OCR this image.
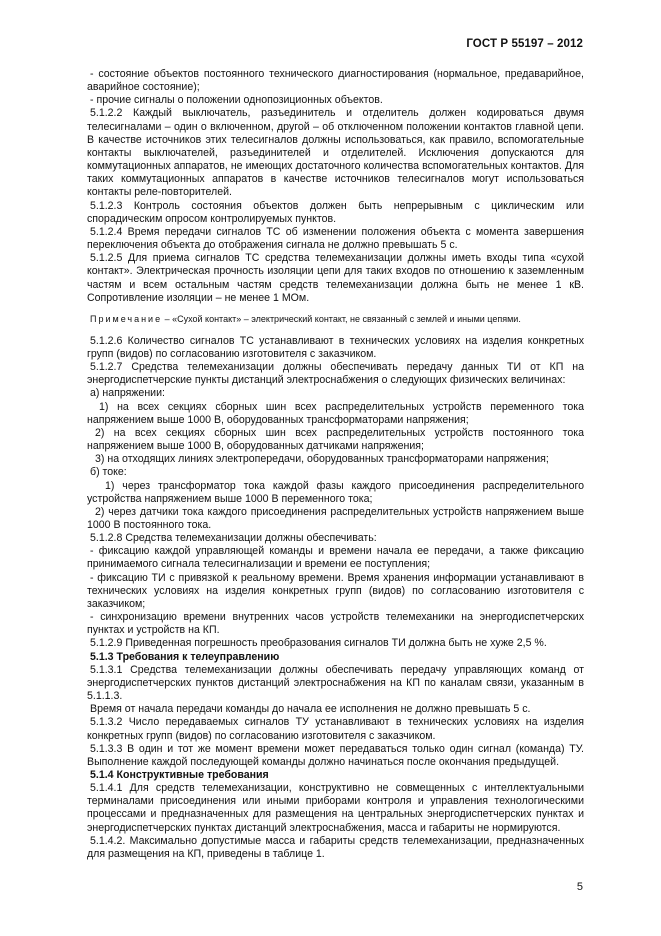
ГОСТ Р 55197 – 2012

- состояние объектов постоянного технического диагностирования (нормальное, предаварийное, аварийное состояние);

- прочие сигналы о положении однопозиционных объектов.

5.1.2.2 Каждый выключатель, разъединитель и отделитель должен кодироваться двумя телесигналами – один о включенном, другой – об отключенном положении контактов главной цепи. В качестве источников этих телесигналов должны использоваться, как правило, вспомогательные контакты выключателей, разъединителей и отделителей. Исключения допускаются для коммутационных аппаратов, не имеющих достаточного количества вспомогательных контактов. Для таких коммутационных аппаратов в качестве источников телесигналов могут использоваться контакты реле-повторителей.

5.1.2.3 Контроль состояния объектов должен быть непрерывным с циклическим или спорадическим опросом контролируемых пунктов.

5.1.2.4 Время передачи сигналов ТС об изменении положения объекта с момента завершения переключения объекта до отображения сигнала не должно превышать 5 с.

5.1.2.5 Для приема сигналов ТС средства телемеханизации должны иметь входы типа «сухой контакт». Электрическая прочность изоляции цепи для таких входов по отношению к заземленным частям и всем остальным частям средств телемеханизации должна быть не менее 1 кВ. Сопротивление изоляции – не менее 1 МОм.

Примечание – «Сухой контакт» – электрический контакт, не связанный с землей и иными цепями.

5.1.2.6 Количество сигналов ТС устанавливают в технических условиях на изделия конкретных групп (видов) по согласованию изготовителя с заказчиком.

5.1.2.7 Средства телемеханизации должны обеспечивать передачу данных ТИ от КП на энергодиспетчерские пункты дистанций электроснабжения о следующих физических величинах:

а) напряжении:

1) на всех секциях сборных шин всех распределительных устройств переменного тока напряжением выше 1000 В, оборудованных трансформаторами напряжения;

2) на всех секциях сборных шин всех распределительных устройств постоянного тока напряжением выше 1000 В, оборудованных датчиками напряжения;

3) на отходящих линиях электропередачи, оборудованных трансформаторами напряжения;

б) токе:

1) через трансформатор тока каждой фазы каждого присоединения распределительного устройства напряжением выше 1000 В переменного тока;

2) через датчики тока каждого присоединения распределительных устройств напряжением выше 1000 В постоянного тока.

5.1.2.8 Средства телемеханизации должны обеспечивать:

- фиксацию каждой управляющей команды и времени начала ее передачи, а также фиксацию принимаемого сигнала телесигнализации и времени ее поступления;

- фиксацию ТИ с привязкой к реальному времени. Время хранения информации устанавливают в технических условиях на изделия конкретных групп (видов) по согласованию изготовителя с заказчиком;

- синхронизацию времени внутренних часов устройств телемеханики на энергодиспетчерских пунктах и устройств на КП.

5.1.2.9 Приведенная погрешность преобразования сигналов ТИ должна быть не хуже 2,5 %.

5.1.3 Требования к телеуправлению

5.1.3.1 Средства телемеханизации должны обеспечивать передачу управляющих команд от энергодиспетчерских пунктов дистанций электроснабжения на КП по каналам связи, указанным в 5.1.1.3.

Время от начала передачи команды до начала ее исполнения не должно превышать 5 с.

5.1.3.2 Число передаваемых сигналов ТУ устанавливают в технических условиях на изделия конкретных групп (видов) по согласованию изготовителя с заказчиком.

5.1.3.3 В один и тот же момент времени может передаваться только один сигнал (команда) ТУ. Выполнение каждой последующей команды должно начинаться после окончания предыдущей.

5.1.4 Конструктивные требования

5.1.4.1 Для средств телемеханизации, конструктивно не совмещенных с интеллектуальными терминалами присоединения или иными приборами контроля и управления технологическими процессами и предназначенных для размещения на центральных энергодиспетчерских пунктах и энергодиспетчерских пунктах дистанций электроснабжения, масса и габариты не нормируются.

5.1.4.2. Максимально допустимые масса и габариты средств телемеханизации, предназначенных для размещения на КП, приведены в таблице 1.

5
